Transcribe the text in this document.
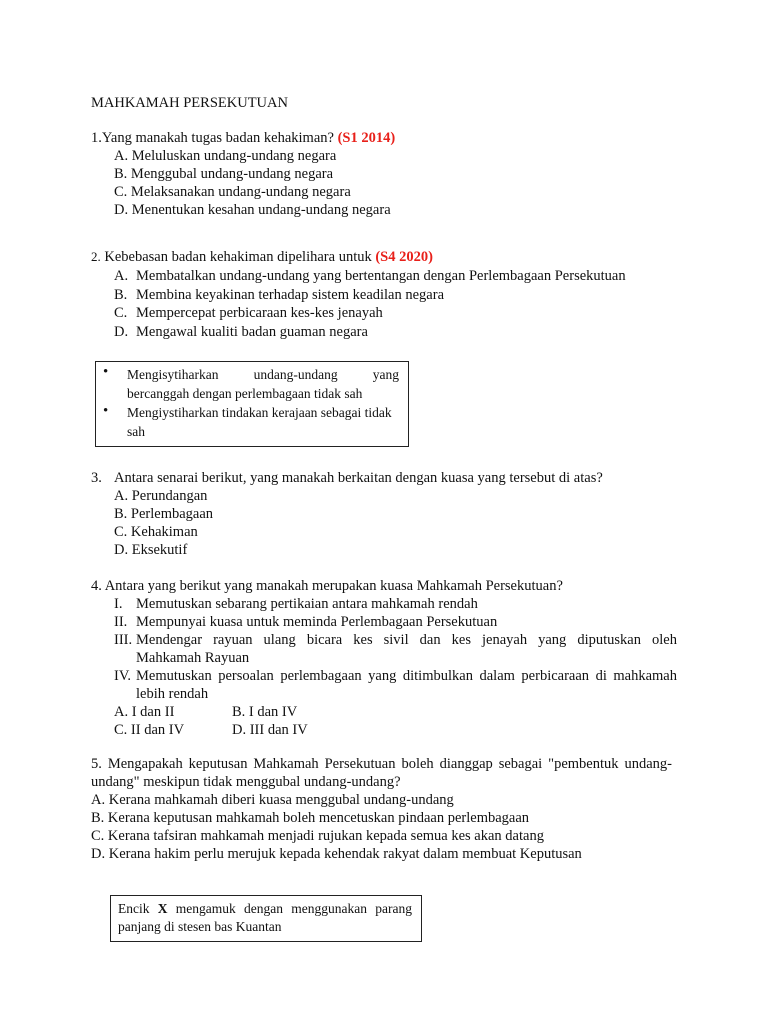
MAHKAMAH PERSEKUTUAN
1.Yang manakah tugas badan kehakiman? (S1 2014)
A. Meluluskan undang-undang negara
B. Menggubal undang-undang negara
C. Melaksanakan undang-undang negara
D. Menentukan kesahan undang-undang negara
2. Kebebasan badan kehakiman dipelihara untuk (S4 2020)
A. Membatalkan undang-undang yang bertentangan dengan Perlembagaan Persekutuan
B. Membina keyakinan terhadap sistem keadilan negara
C. Mempercepat perbicaraan kes-kes jenayah
D. Mengawal kualiti badan guaman negara
• Mengisytiharkan undang-undang yang
bercanggah dengan perlembagaan tidak sah
• Mengiystiharkan tindakan kerajaan sebagai tidak
sah
3. Antara senarai berikut, yang manakah berkaitan dengan kuasa yang tersebut di atas?
A. Perundangan
B. Perlembagaan
C. Kehakiman
D. Eksekutif
4. Antara yang berikut yang manakah merupakan kuasa Mahkamah Persekutuan?
I. Memutuskan sebarang pertikaian antara mahkamah rendah
II. Mempunyai kuasa untuk meminda Perlembagaan Persekutuan
III. Mendengar rayuan ulang bicara kes sivil dan kes jenayah yang diputuskan oleh
Mahkamah Rayuan
IV. Memutuskan persoalan perlembagaan yang ditimbulkan dalam perbicaraan di mahkamah
lebih rendah
A. I dan II	B. I dan IV
C. II dan IV	D. III dan IV
5. Mengapakah keputusan Mahkamah Persekutuan boleh dianggap sebagai "pembentuk undang-
undang" meskipun tidak menggubal undang-undang?
A. Kerana mahkamah diberi kuasa menggubal undang-undang
B. Kerana keputusan mahkamah boleh mencetuskan pindaan perlembagaan
C. Kerana tafsiran mahkamah menjadi rujukan kepada semua kes akan datang
D. Kerana hakim perlu merujuk kepada kehendak rakyat dalam membuat Keputusan
Encik X mengamuk dengan menggunakan parang
panjang di stesen bas Kuantan
